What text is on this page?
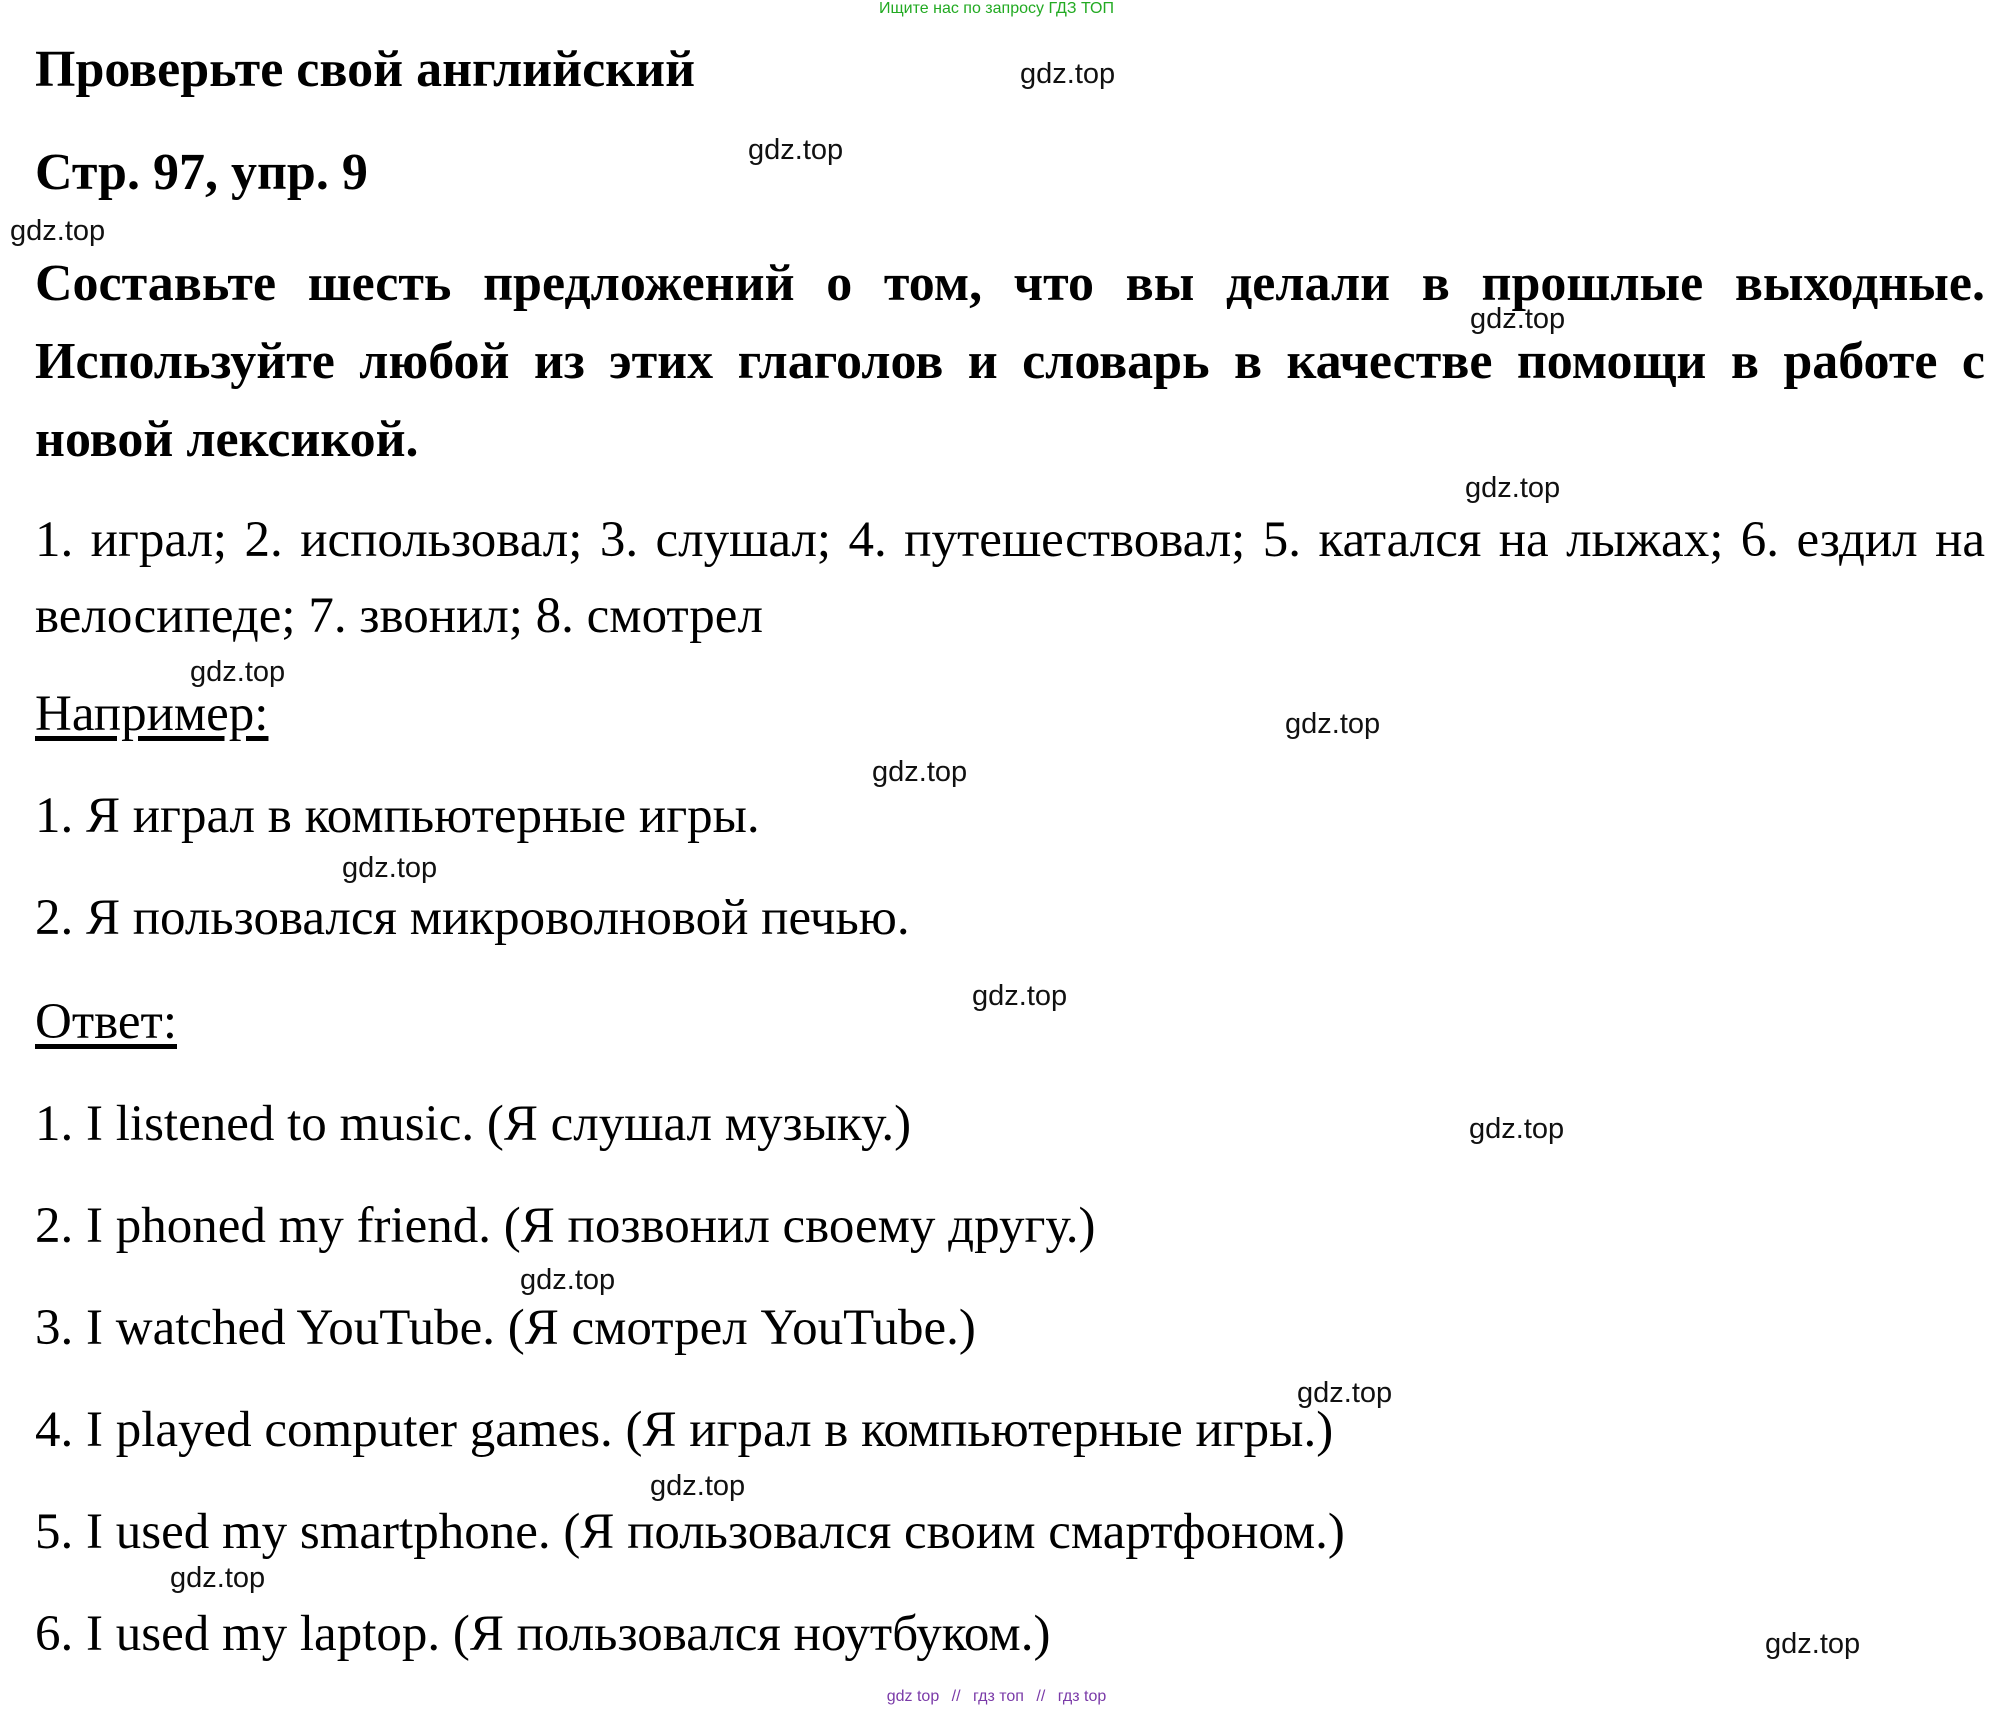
Ищите нас по запросу ГДЗ ТОП
Проверьте свой английский
Стр. 97, упр. 9
Составьте шесть предложений о том, что вы делали в прошлые выходные. Используйте любой из этих глаголов и словарь в качестве помощи в работе с новой лексикой.
1. играл; 2. использовал; 3. слушал; 4. путешествовал; 5. катался на лыжах; 6. ездил на велосипеде; 7. звонил; 8. смотрел
Например:
1. Я играл в компьютерные игры.
2. Я пользовался микроволновой печью.
Ответ:
1. I listened to music. (Я слушал музыку.)
2. I phoned my friend. (Я позвонил своему другу.)
3. I watched YouTube. (Я смотрел YouTube.)
4. I played computer games. (Я играл в компьютерные игры.)
5. I used my smartphone. (Я пользовался своим смартфоном.)
6. I used my laptop. (Я пользовался ноутбуком.)
gdz.top
gdz.top
gdz.top
gdz.top
gdz.top
gdz.top
gdz.top
gdz.top
gdz.top
gdz.top
gdz.top
gdz.top
gdz.top
gdz.top
gdz.top
gdz.top
gdz top // гдз топ // гдз top
